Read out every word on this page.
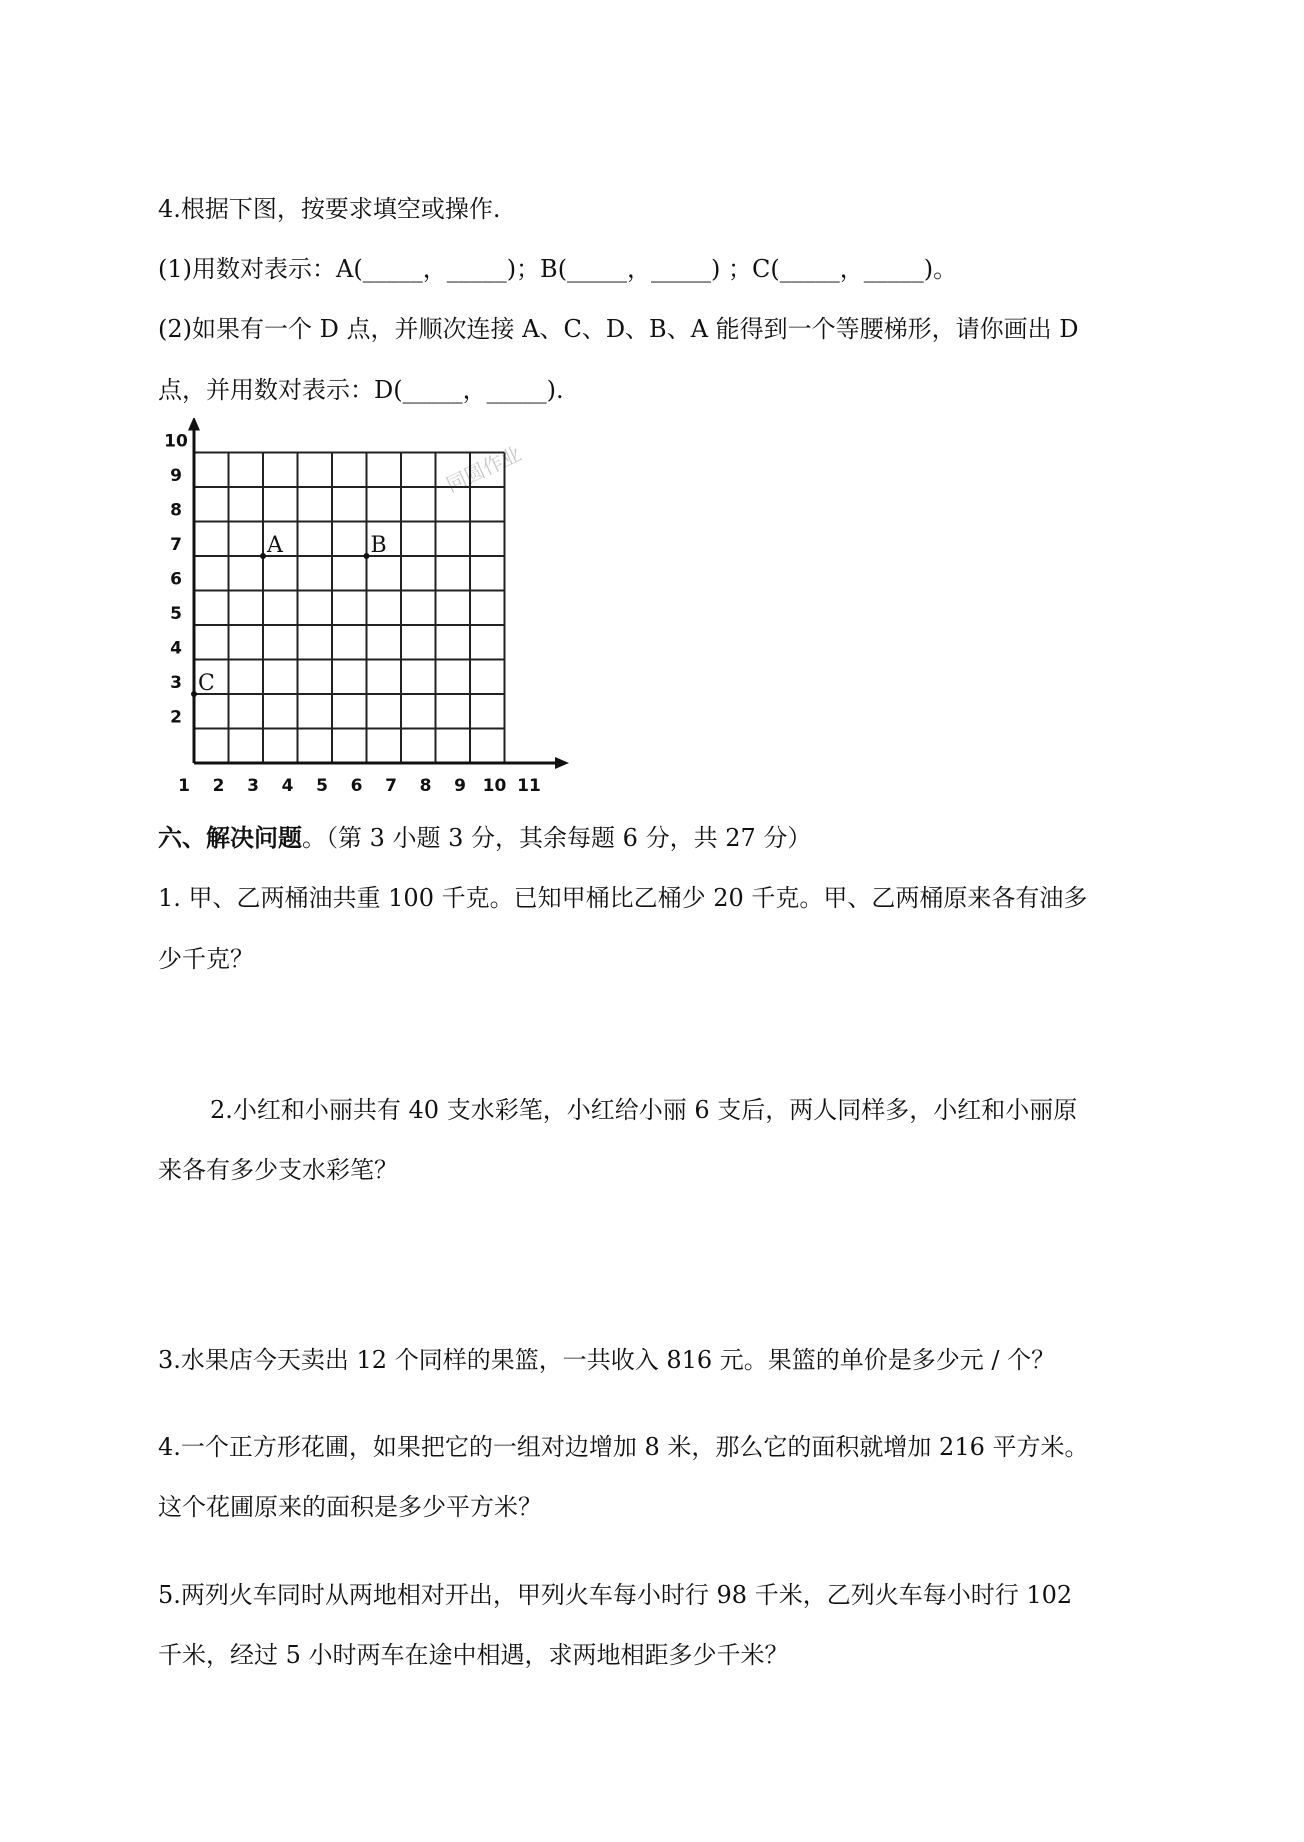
4.根据下图，按要求填空或操作.
(1)用数对表示：A(_____，_____)；B(_____，_____) ；C(_____，_____)。
(2)如果有一个 D 点，并顺次连接 A、C、D、B、A 能得到一个等腰梯形，请你画出 D
点，并用数对表示：D(_____，_____).
同圆作业
1 2 3 4 5 6 7 8 9 10 11
2
3
4
5
6
7
8
9
10
A	B
C
六、解决问题。（第 3 小题 3 分，其余每题 6 分，共 27 分）
1. 甲、乙两桶油共重 100 千克。已知甲桶比乙桶少 20 千克。甲、乙两桶原来各有油多
少千克？
2.小红和小丽共有 40 支水彩笔，小红给小丽 6 支后，两人同样多，小红和小丽原
来各有多少支水彩笔？
3.水果店今天卖出 12 个同样的果篮，一共收入 816 元。果篮的单价是多少元 / 个？
4.一个正方形花圃，如果把它的一组对边增加 8 米，那么它的面积就增加 216 平方米。
这个花圃原来的面积是多少平方米？
5.两列火车同时从两地相对开出，甲列火车每小时行 98 千米，乙列火车每小时行 102
千米，经过 5 小时两车在途中相遇，求两地相距多少千米？
